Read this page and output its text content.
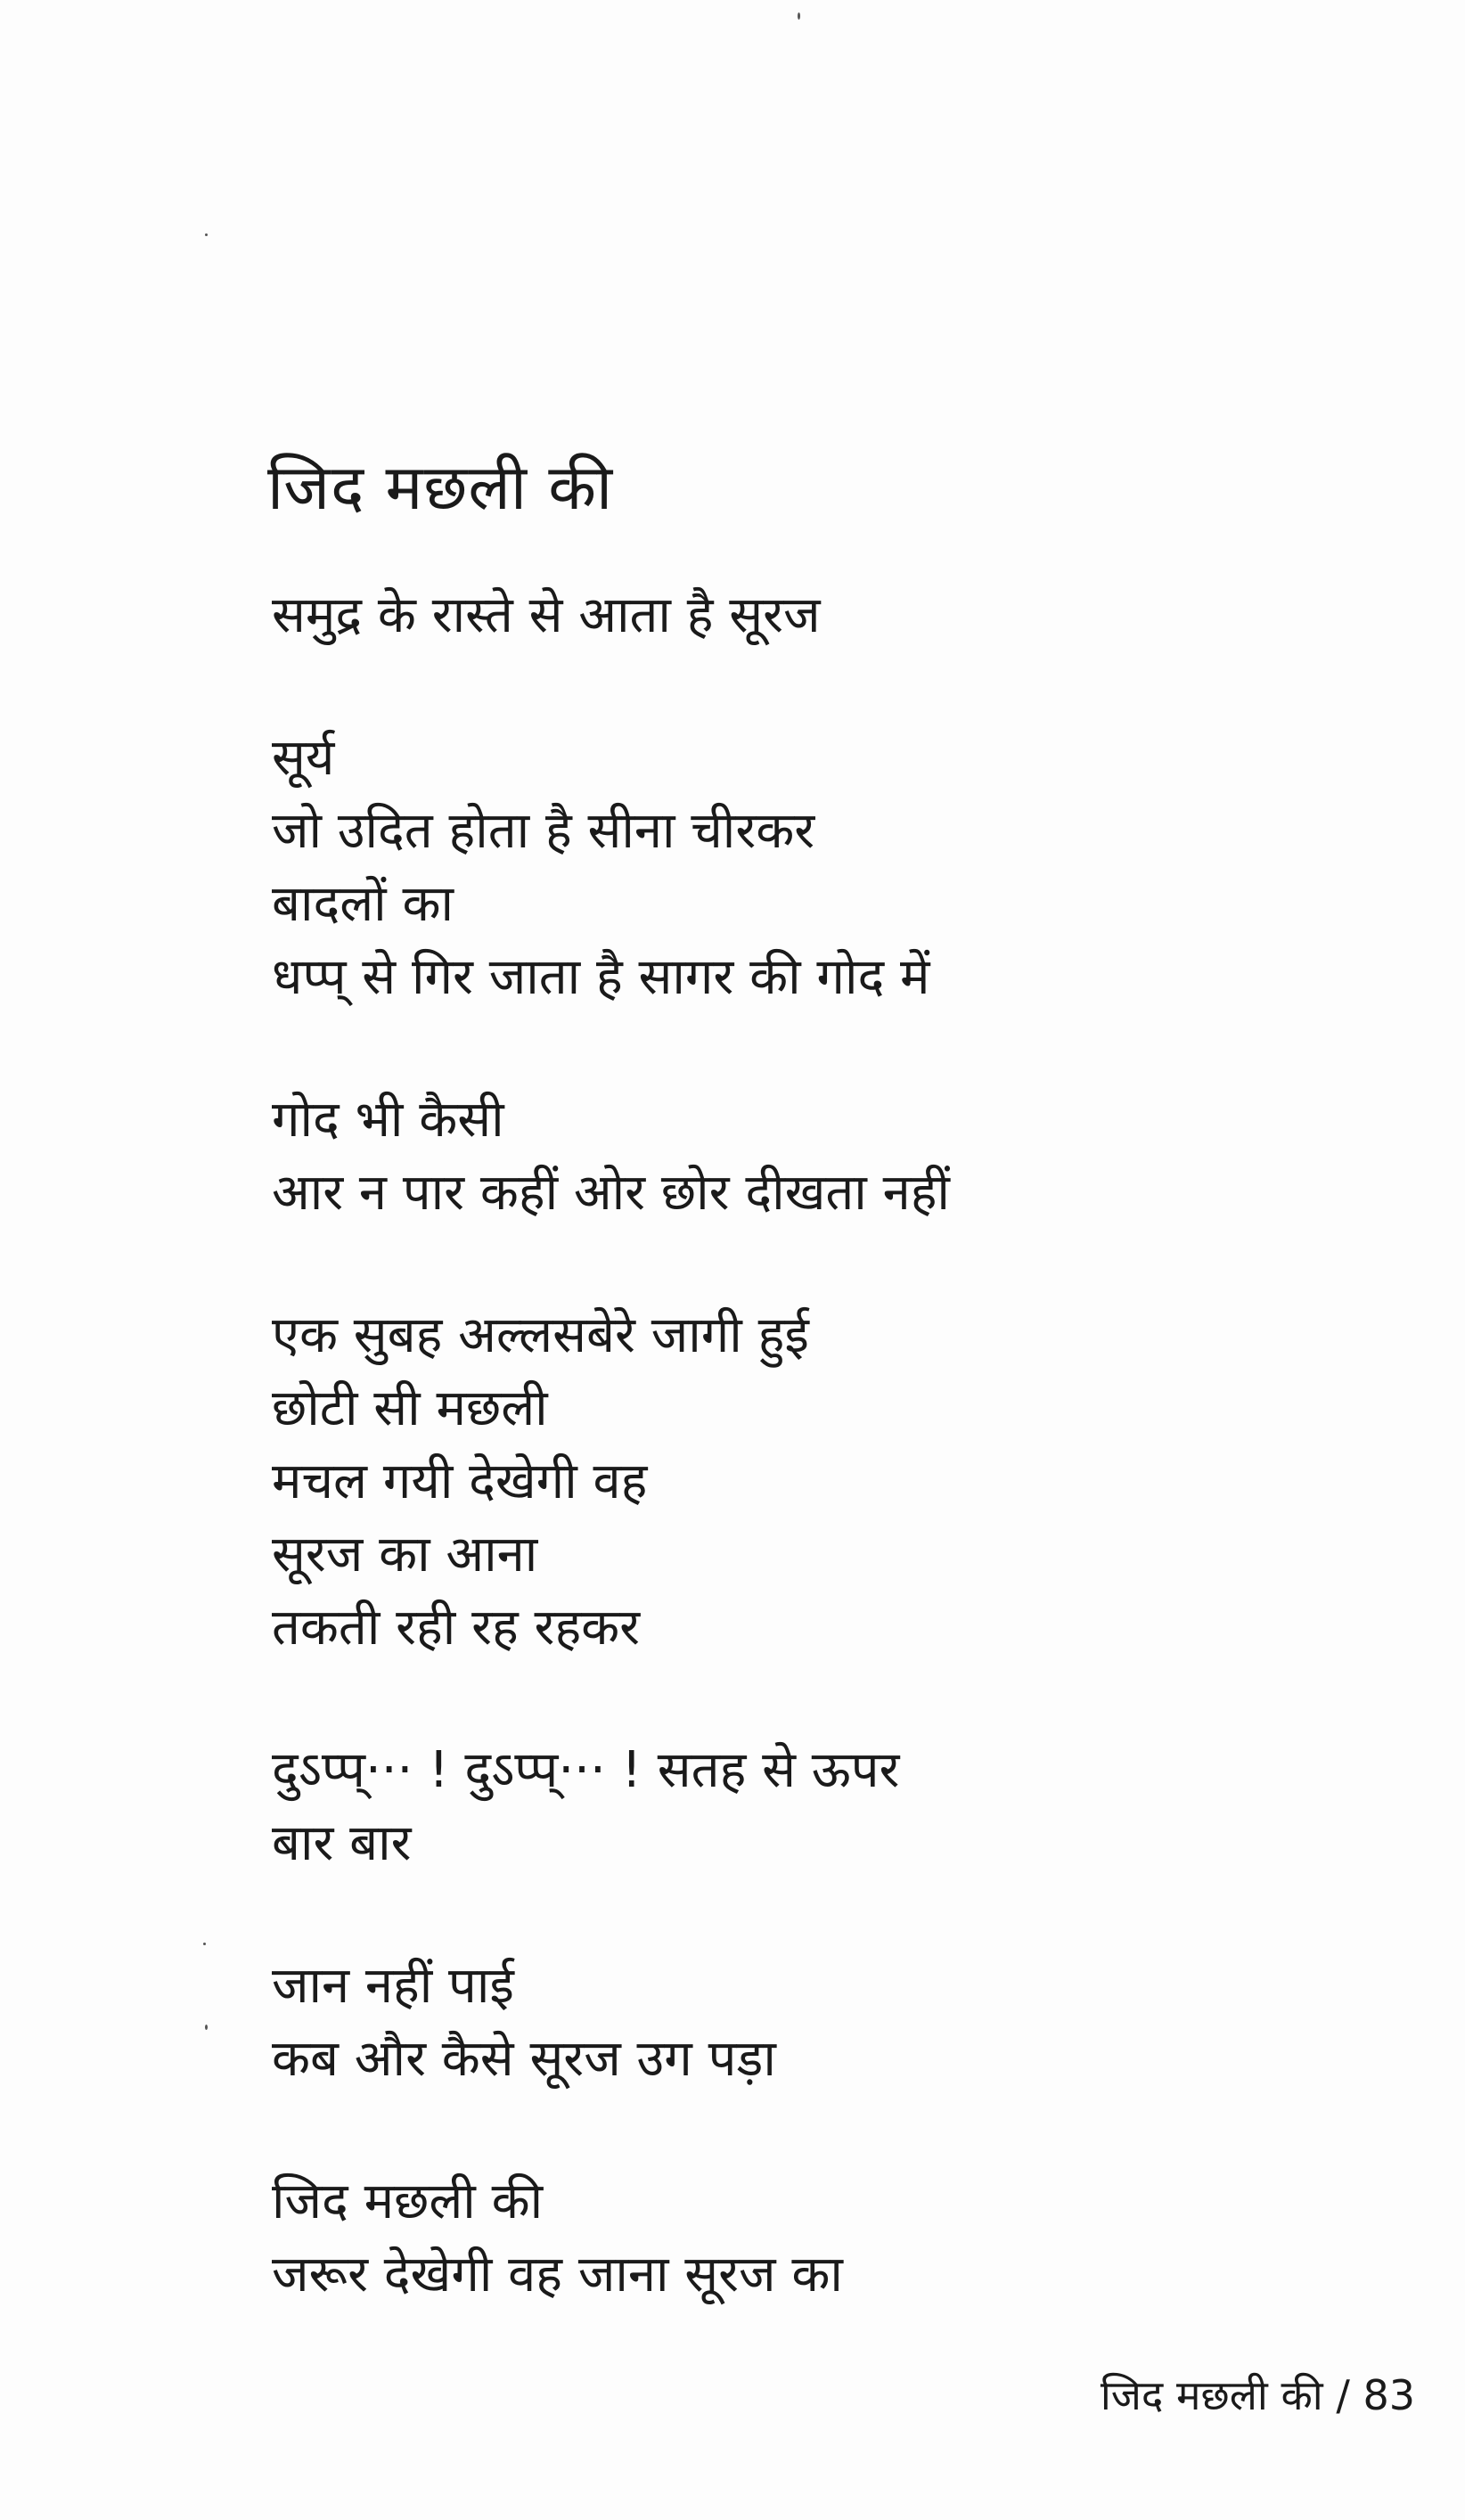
जिद मछली की
समुद्र के रास्ते से आता है सूरज
सूर्य
जो उदित होता है सीना चीरकर
बादलों का
धप्प् से गिर जाता है सागर की गोद में
गोद भी कैसी
आर न पार कहीं ओर छोर दीखता नहीं
एक सुबह अल्लसबेरे जागी हुई
छोटी सी मछली
मचल गयी देखेगी वह
सूरज का आना
तकती रही रह रहकर
दुऽप्प्··· ! दुऽप्प्··· ! सतह से ऊपर
बार बार
जान नहीं पाई
कब और कैसे सूरज उग पड़ा
जिद मछली की
जरूर देखेगी वह जाना सूरज का
जिद मछली की / 83
